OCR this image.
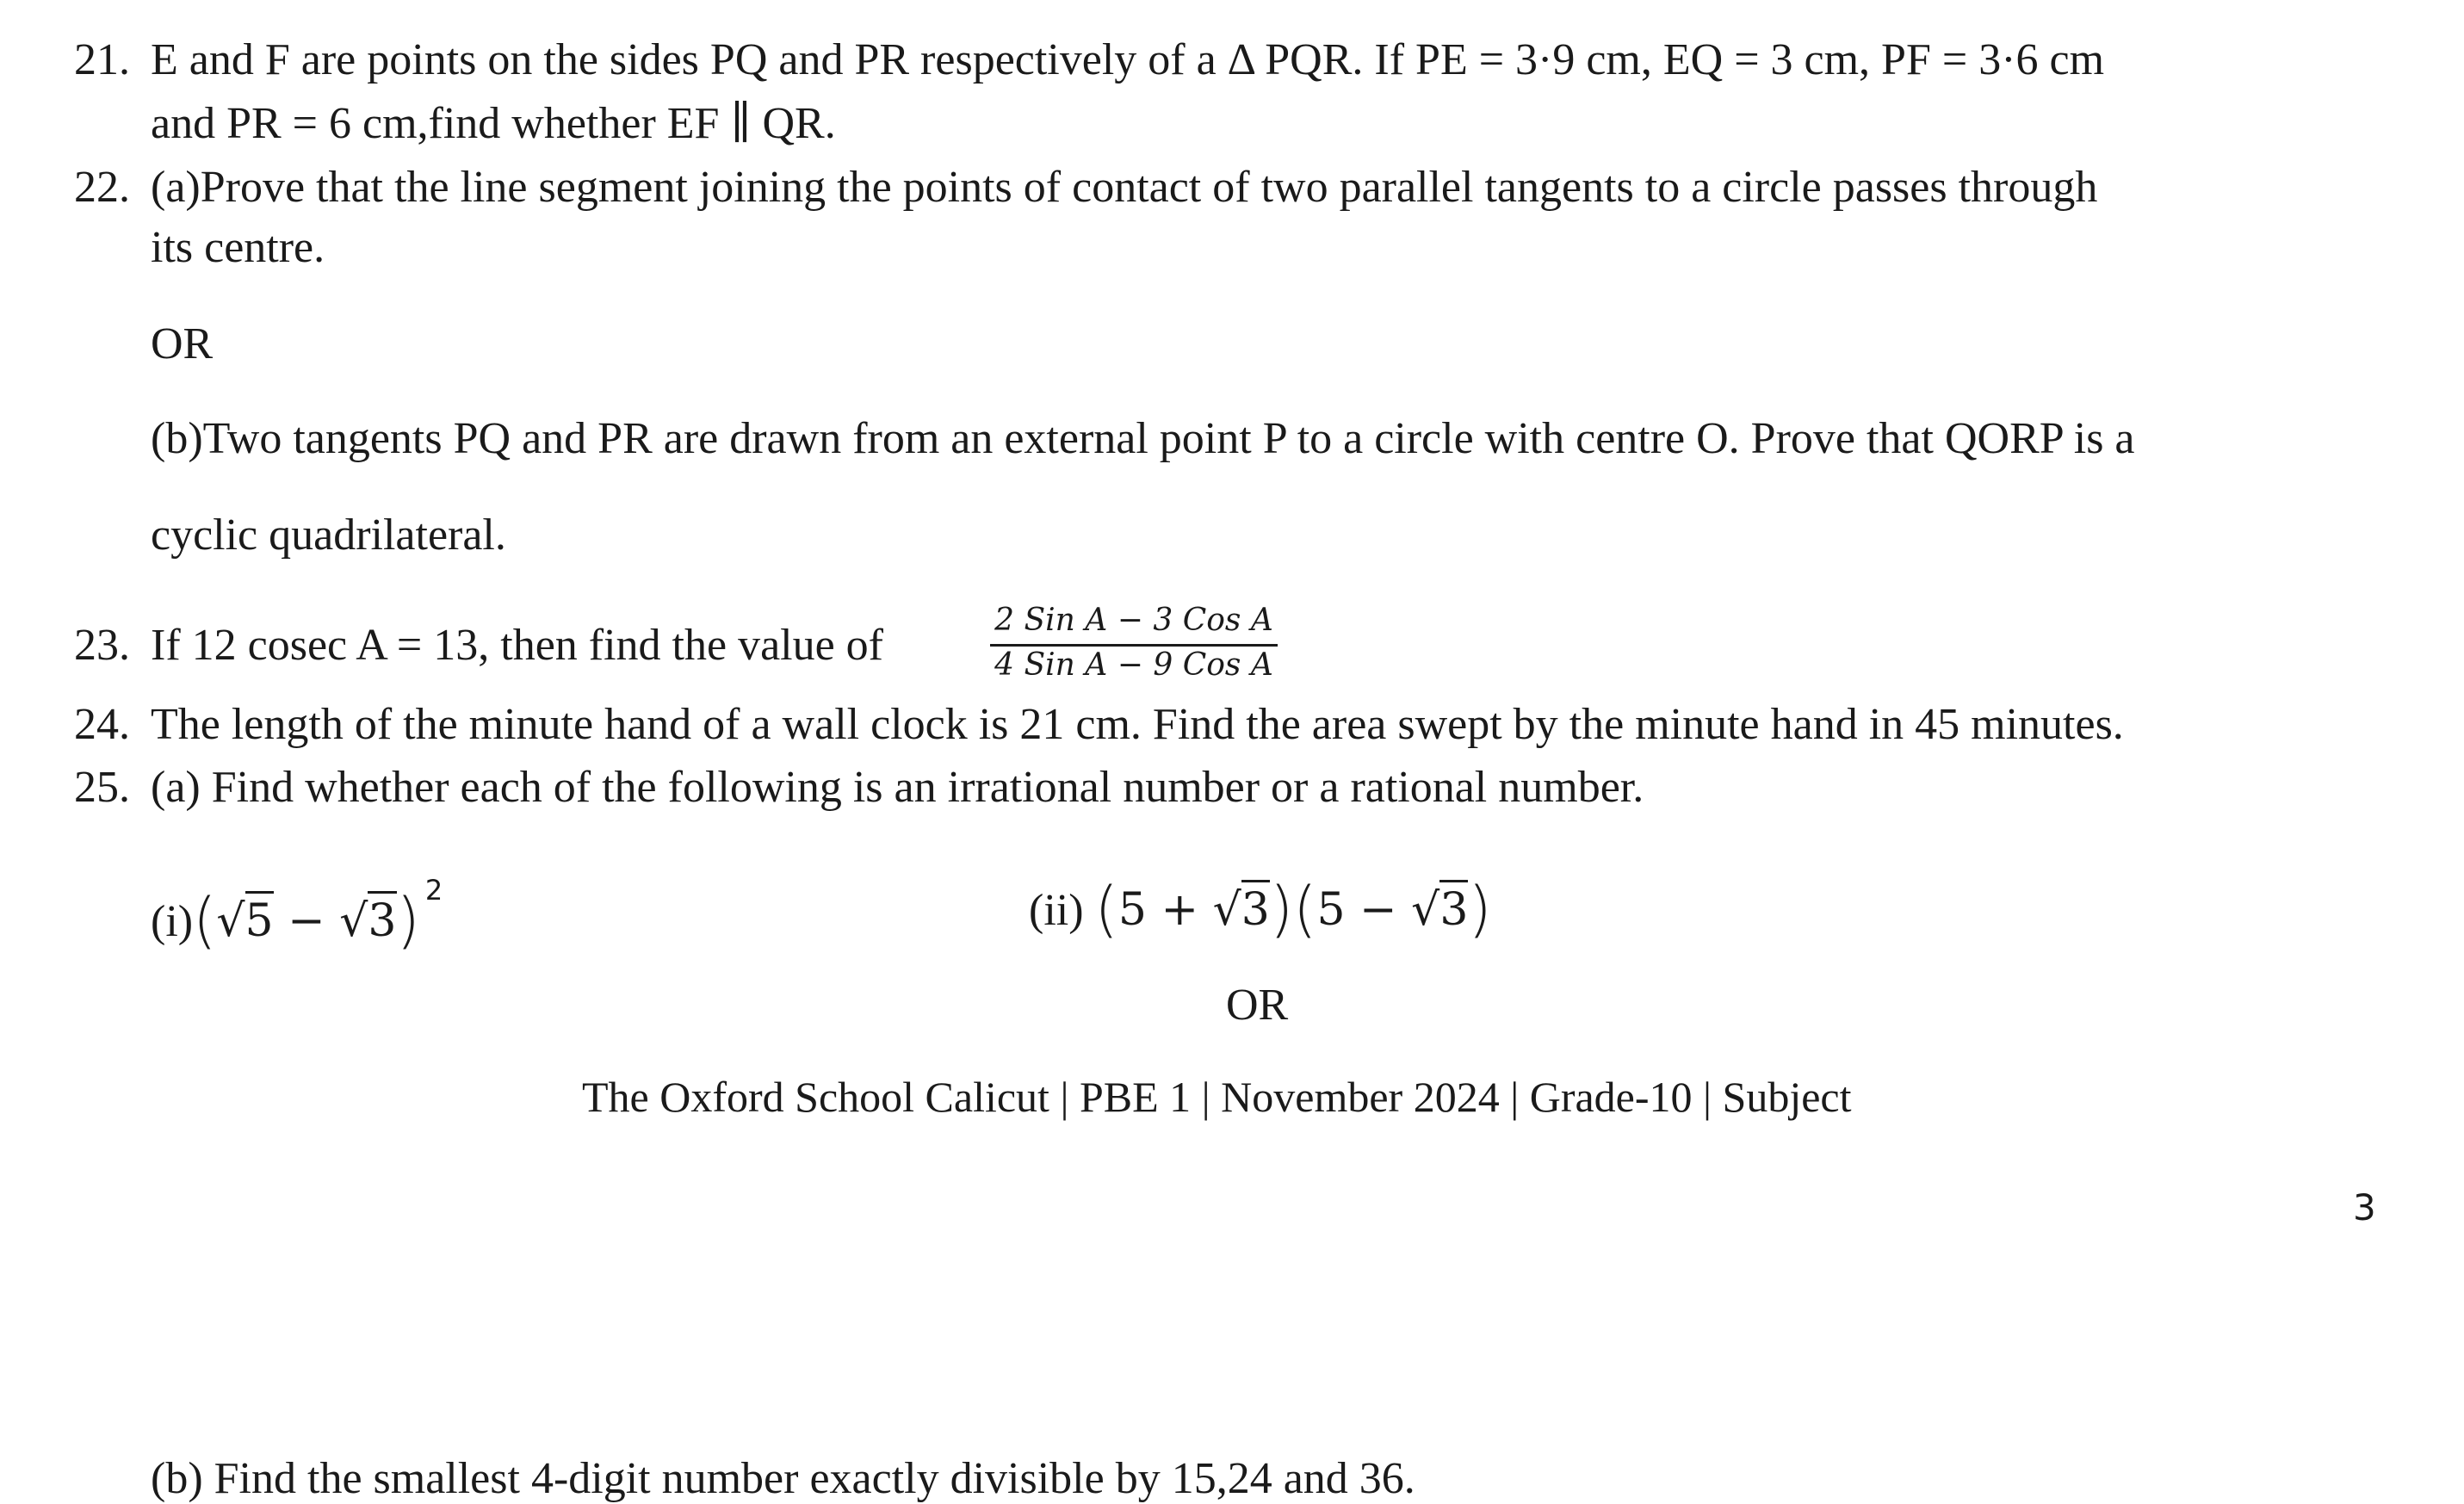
21. E and F are points on the sides PQ and PR respectively of a Δ PQR. If PE = 3·9 cm, EQ = 3 cm, PF = 3·6 cm
and PR = 6 cm,find whether EF ∥ QR.
22. (a)Prove that the line segment joining the points of contact of two parallel tangents to a circle passes through
its centre.
OR
(b)Two tangents PQ and PR are drawn from an external point P to a circle with centre O. Prove that QORP is a
cyclic quadrilateral.
23. If 12 cosec A = 13, then find the value of
2 Sin A − 3 Cos A
4 Sin A − 9 Cos A
24. The length of the minute hand of a wall clock is 21 cm. Find the area swept by the minute hand in 45 minutes.
25. (a) Find whether each of the following is an irrational number or a rational number.
(i)(√5 − √3) $^2$	(ii) (5 + √3)(5 − √3)
OR
The Oxford School Calicut | PBE 1 | November 2024 | Grade-10 | Subject
3
(b) Find the smallest 4-digit number exactly divisible by 15,24 and 36.
